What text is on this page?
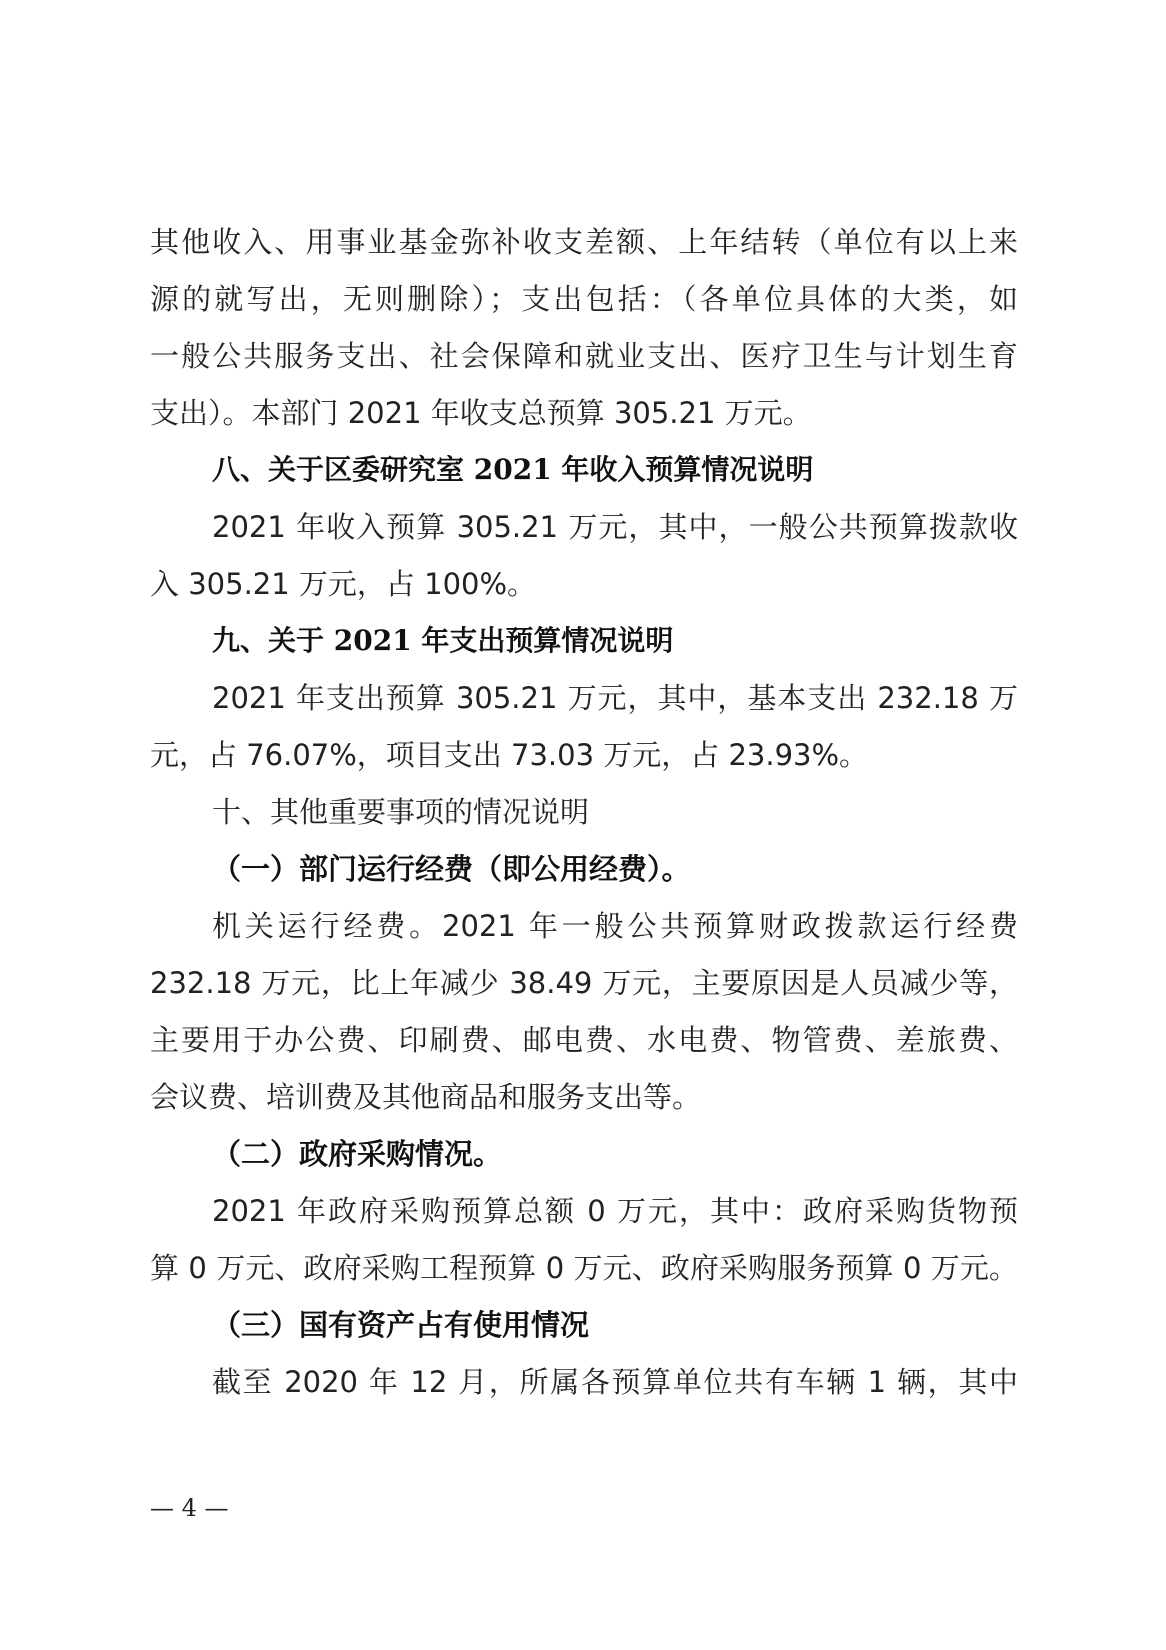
其他收入、用事业基金弥补收支差额、上年结转（单位有以上来
源的就写出，无则删除）；支出包括：（各单位具体的大类，如
一般公共服务支出、社会保障和就业支出、医疗卫生与计划生育
支出）。本部门 2021 年收支总预算 305.21 万元。
八、关于区委研究室 2021 年收入预算情况说明
2021 年收入预算 305.21 万元，其中，一般公共预算拨款收
入 305.21 万元，占 100%。
九、关于 2021 年支出预算情况说明
2021 年支出预算 305.21 万元，其中，基本支出 232.18 万
元，占 76.07%，项目支出 73.03 万元，占 23.93%。
十、其他重要事项的情况说明
（一）部门运行经费（即公用经费）。
机关运行经费。2021 年一般公共预算财政拨款运行经费
232.18 万元，比上年减少 38.49 万元，主要原因是人员减少等，
主要用于办公费、印刷费、邮电费、水电费、物管费、差旅费、
会议费、培训费及其他商品和服务支出等。
（二）政府采购情况。
2021 年政府采购预算总额 0 万元，其中：政府采购货物预
算 0 万元、政府采购工程预算 0 万元、政府采购服务预算 0 万元。
（三）国有资产占有使用情况
截至 2020 年 12 月，所属各预算单位共有车辆 1 辆，其中
— 4 —
